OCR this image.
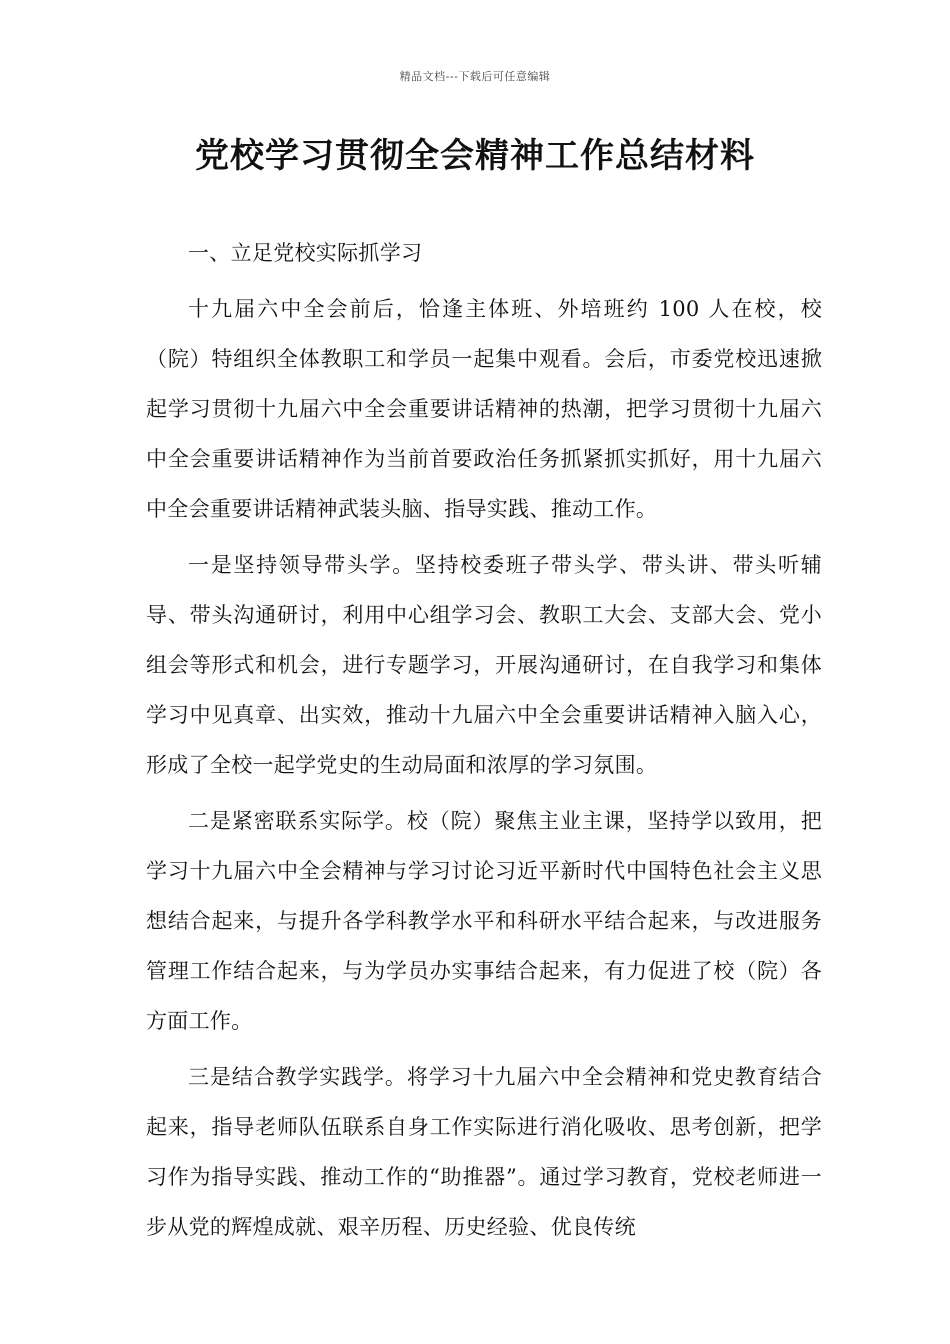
精品文档---下载后可任意编辑
党校学习贯彻全会精神工作总结材料

一、立足党校实际抓学习

十九届六中全会前后，恰逢主体班、外培班约 100 人在校，校（院）特组织全体教职工和学员一起集中观看。会后，市委党校迅速掀起学习贯彻十九届六中全会重要讲话精神的热潮，把学习贯彻十九届六中全会重要讲话精神作为当前首要政治任务抓紧抓实抓好，用十九届六中全会重要讲话精神武装头脑、指导实践、推动工作。

一是坚持领导带头学。坚持校委班子带头学、带头讲、带头听辅导、带头沟通研讨，利用中心组学习会、教职工大会、支部大会、党小组会等形式和机会，进行专题学习，开展沟通研讨，在自我学习和集体学习中见真章、出实效，推动十九届六中全会重要讲话精神入脑入心，形成了全校一起学党史的生动局面和浓厚的学习氛围。

二是紧密联系实际学。校（院）聚焦主业主课，坚持学以致用，把学习十九届六中全会精神与学习讨论习近平新时代中国特色社会主义思想结合起来，与提升各学科教学水平和科研水平结合起来，与改进服务管理工作结合起来，与为学员办实事结合起来，有力促进了校（院）各方面工作。

三是结合教学实践学。将学习十九届六中全会精神和党史教育结合起来，指导老师队伍联系自身工作实际进行消化吸收、思考创新，把学习作为指导实践、推动工作的“助推器”。通过学习教育，党校老师进一步从党的辉煌成就、艰辛历程、历史经验、优良传统
